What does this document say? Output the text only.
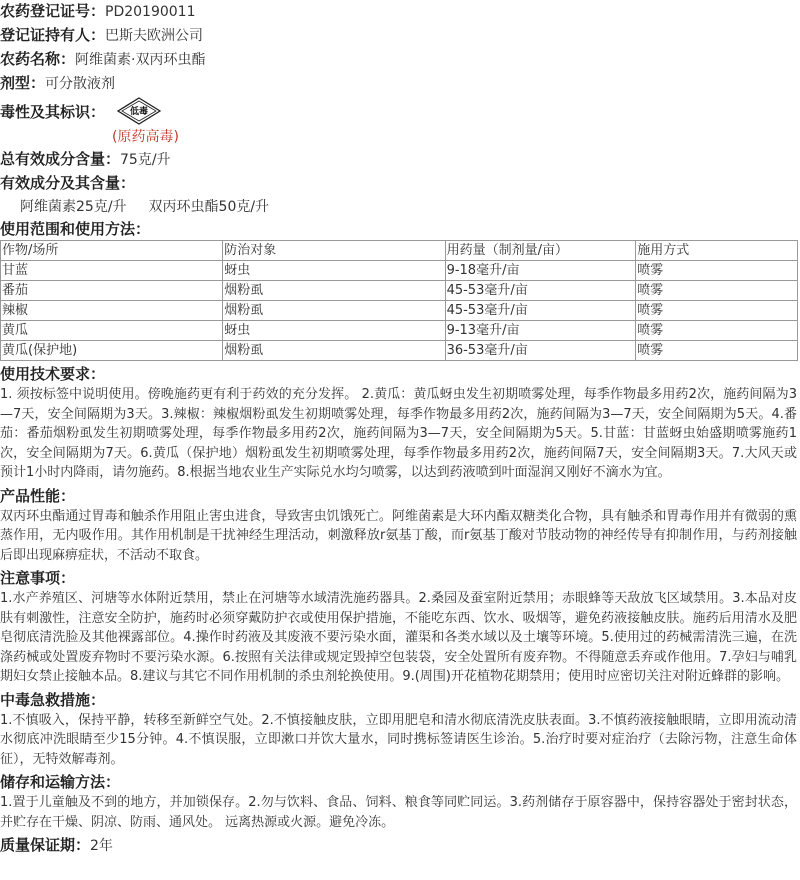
农药登记证号：PD20190011
登记证持有人：巴斯夫欧洲公司
农药名称：阿维菌素·双丙环虫酯
剂型：可分散液剂
毒性及其标识：	低毒
(原药高毒)
总有效成分含量：75克/升
有效成分及其含量：
阿维菌素25克/升 双丙环虫酯50克/升
使用范围和使用方法：
作物/场所	防治对象	用药量（制剂量/亩）	施用方式
甘蓝	蚜虫	9-18毫升/亩	喷雾
番茄	烟粉虱	45-53毫升/亩	喷雾
辣椒	烟粉虱	45-53毫升/亩	喷雾
黄瓜	蚜虫	9-13毫升/亩	喷雾
黄瓜(保护地)	烟粉虱	36-53毫升/亩	喷雾
使用技术要求：

1. 须按标签中说明使用。傍晚施药更有利于药效的充分发挥。 2.黄瓜：黄瓜蚜虫发生初期喷雾处理，每季作物最多用药2次，施药间隔为3—7天，安全间隔期为3天。3.辣椒：辣椒烟粉虱发生初期喷雾处理，每季作物最多用药2次，施药间隔为3—7天，安全间隔期为5天。4.番茄：番茄烟粉虱发生初期喷雾处理，每季作物最多用药2次，施药间隔为3—7天，安全间隔期为5天。5.甘蓝：甘蓝蚜虫始盛期喷雾施药1次，安全间隔期为7天。6.黄瓜（保护地）烟粉虱发生初期喷雾处理，每季作物最多用药2次，施药间隔7天，安全间隔期3天。7.大风天或预计1小时内降雨，请勿施药。8.根据当地农业生产实际兑水均匀喷雾，以达到药液喷到叶面湿润又刚好不滴水为宜。

产品性能：

双丙环虫酯通过胃毒和触杀作用阻止害虫进食，导致害虫饥饿死亡。阿维菌素是大环内酯双糖类化合物，具有触杀和胃毒作用并有微弱的熏蒸作用，无内吸作用。其作用机制是干扰神经生理活动，刺激释放r氨基丁酸，而r氨基丁酸对节肢动物的神经传导有抑制作用，与药剂接触后即出现麻痹症状，不活动不取食。

注意事项：

1.水产养殖区、河塘等水体附近禁用，禁止在河塘等水域清洗施药器具。2.桑园及蚕室附近禁用；赤眼蜂等天敌放飞区域禁用。3.本品对皮肤有刺激性，注意安全防护，施药时必须穿戴防护衣或使用保护措施，不能吃东西、饮水、吸烟等，避免药液接触皮肤。施药后用清水及肥皂彻底清洗脸及其他裸露部位。4.操作时药液及其废液不要污染水面，灌渠和各类水域以及土壤等环境。5.使用过的药械需清洗三遍，在洗涤药械或处置废弃物时不要污染水源。6.按照有关法律或规定毁掉空包装袋，安全处置所有废弃物。不得随意丢弃或作他用。7.孕妇与哺乳期妇女禁止接触本品。8.建议与其它不同作用机制的杀虫剂轮换使用。9.(周围)开花植物花期禁用；使用时应密切关注对附近蜂群的影响。

中毒急救措施：

1.不慎吸入，保持平静，转移至新鲜空气处。2.不慎接触皮肤，立即用肥皂和清水彻底清洗皮肤表面。3.不慎药液接触眼睛，立即用流动清水彻底冲洗眼睛至少15分钟。4.不慎误服，立即漱口并饮大量水，同时携标签请医生诊治。5.治疗时要对症治疗（去除污物，注意生命体征），无特效解毒剂。

储存和运输方法：

1.置于儿童触及不到的地方，并加锁保存。2.勿与饮料、食品、饲料、粮食等同贮同运。3.药剂储存于原容器中，保持容器处于密封状态，并贮存在干燥、阴凉、防雨、通风处。 远离热源或火源。避免冷冻。

质量保证期：2年
